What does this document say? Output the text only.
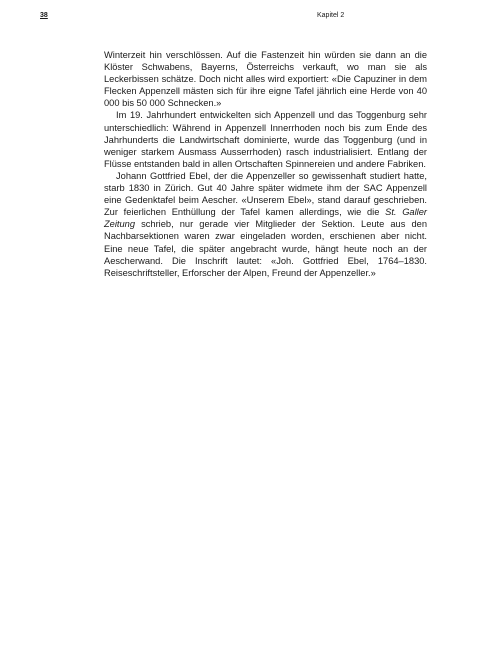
38	Kapitel 2

Winterzeit hin verschlössen. Auf die Fastenzeit hin würden sie dann an die Klöster Schwabens, Bayerns, Österreichs verkauft, wo man sie als Leckerbissen schätze. Doch nicht alles wird exportiert: «Die Capuziner in dem Flecken Appenzell mästen sich für ihre eigne Tafel jährlich eine Herde von 40 000 bis 50 000 Schnecken.»

Im 19. Jahrhundert entwickelten sich Appenzell und das Toggenburg sehr unterschiedlich: Während in Appenzell Innerrhoden noch bis zum Ende des Jahrhunderts die Landwirtschaft dominierte, wurde das Toggenburg (und in weniger starkem Ausmass Ausserrhoden) rasch industrialisiert. Entlang der Flüsse entstanden bald in allen Ortschaften Spinnereien und andere Fabriken.

Johann Gottfried Ebel, der die Appenzeller so gewissenhaft studiert hatte, starb 1830 in Zürich. Gut 40 Jahre später widmete ihm der SAC Appenzell eine Gedenktafel beim Aescher. «Unserem Ebel», stand darauf geschrieben. Zur feierlichen Enthüllung der Tafel kamen allerdings, wie die St. Galler Zeitung schrieb, nur gerade vier Mitglieder der Sektion. Leute aus den Nachbarsektionen waren zwar eingeladen worden, erschienen aber nicht. Eine neue Tafel, die später angebracht wurde, hängt heute noch an der Aescherwand. Die Inschrift lautet: «Joh. Gottfried Ebel, 1764–1830. Reiseschriftsteller, Erforscher der Alpen, Freund der Appenzeller.»
